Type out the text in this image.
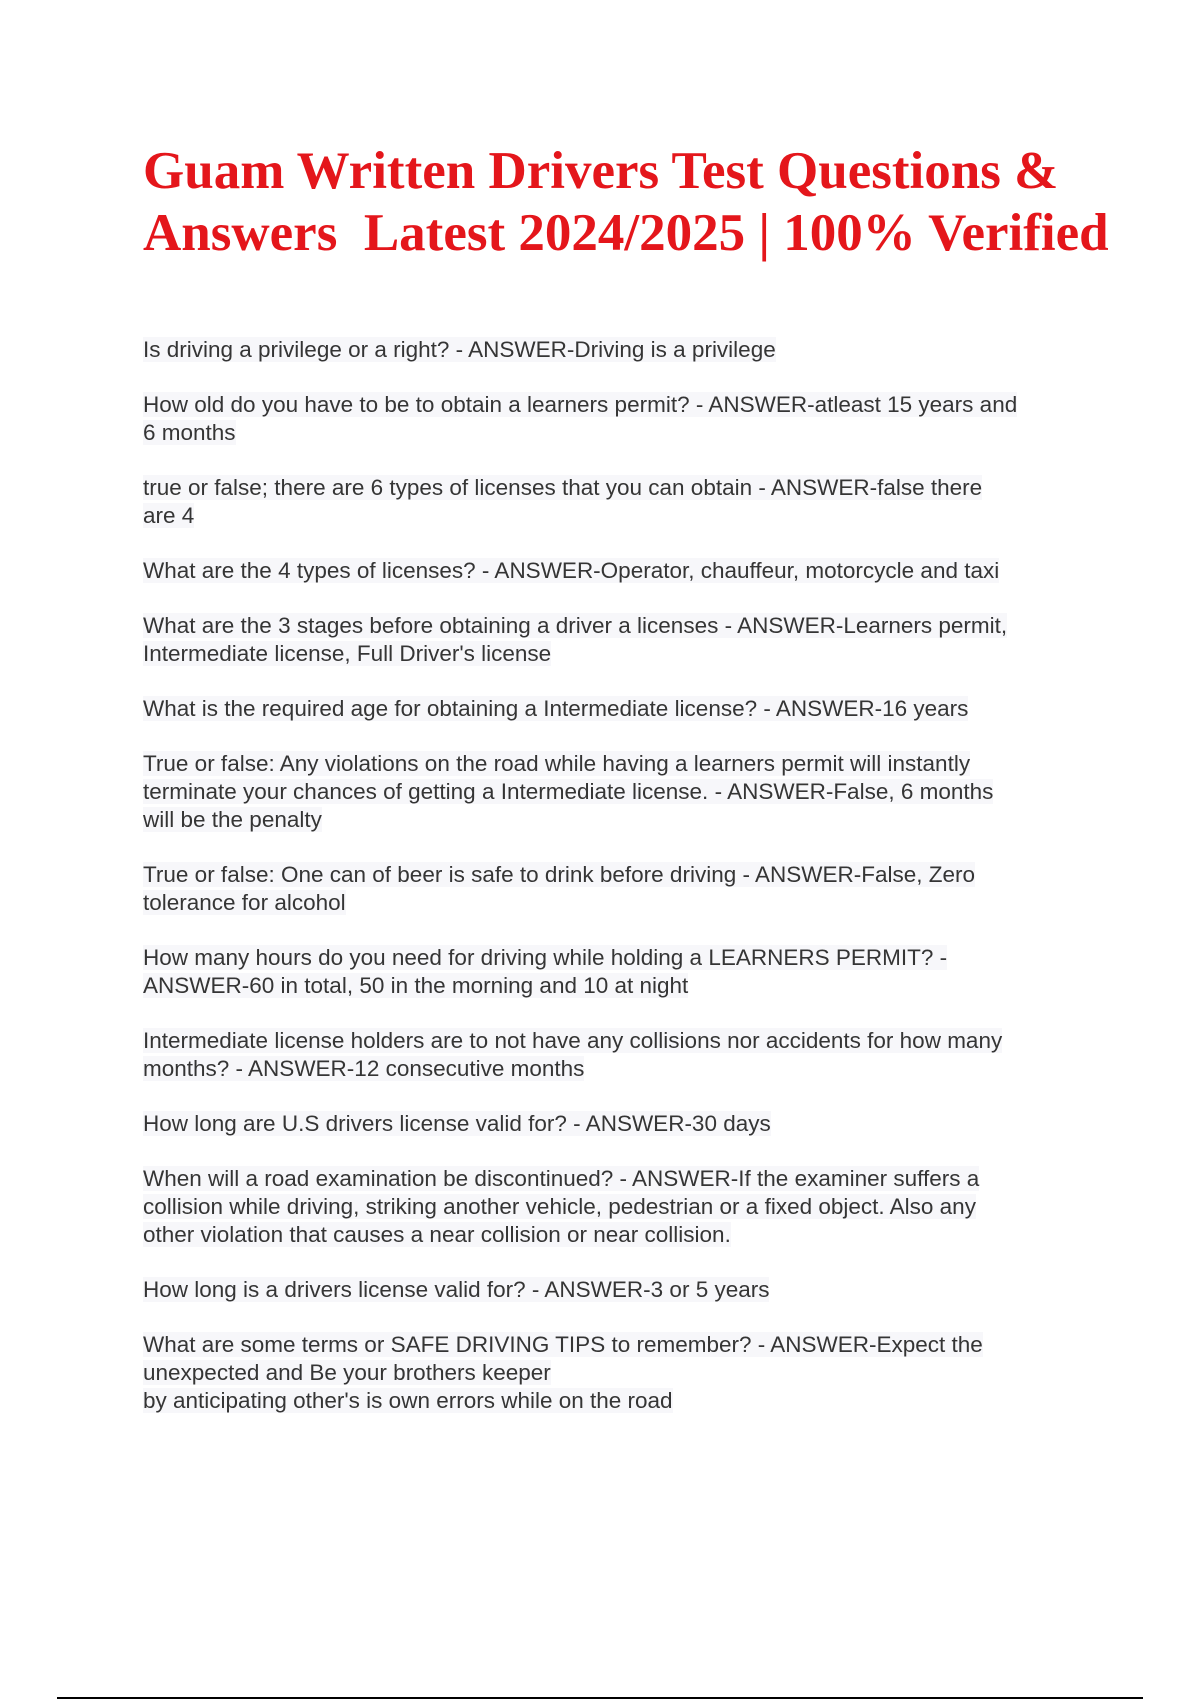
Guam Written Drivers Test Questions &
Answers  Latest 2024/2025 | 100% Verified

Is driving a privilege or a right? - ANSWER-Driving is a privilege

How old do you have to be to obtain a learners permit? - ANSWER-atleast 15 years and
6 months

true or false; there are 6 types of licenses that you can obtain - ANSWER-false there
are 4

What are the 4 types of licenses? - ANSWER-Operator, chauffeur, motorcycle and taxi

What are the 3 stages before obtaining a driver a licenses - ANSWER-Learners permit,
Intermediate license, Full Driver's license

What is the required age for obtaining a Intermediate license? - ANSWER-16 years

True or false: Any violations on the road while having a learners permit will instantly
terminate your chances of getting a Intermediate license. - ANSWER-False, 6 months
will be the penalty

True or false: One can of beer is safe to drink before driving - ANSWER-False, Zero
tolerance for alcohol

How many hours do you need for driving while holding a LEARNERS PERMIT? -
ANSWER-60 in total, 50 in the morning and 10 at night

Intermediate license holders are to not have any collisions nor accidents for how many
months? - ANSWER-12 consecutive months

How long are U.S drivers license valid for? - ANSWER-30 days

When will a road examination be discontinued? - ANSWER-If the examiner suffers a
collision while driving, striking another vehicle, pedestrian or a fixed object. Also any
other violation that causes a near collision or near collision.

How long is a drivers license valid for? - ANSWER-3 or 5 years

What are some terms or SAFE DRIVING TIPS to remember? - ANSWER-Expect the
unexpected and Be your brothers keeper
by anticipating other's is own errors while on the road
